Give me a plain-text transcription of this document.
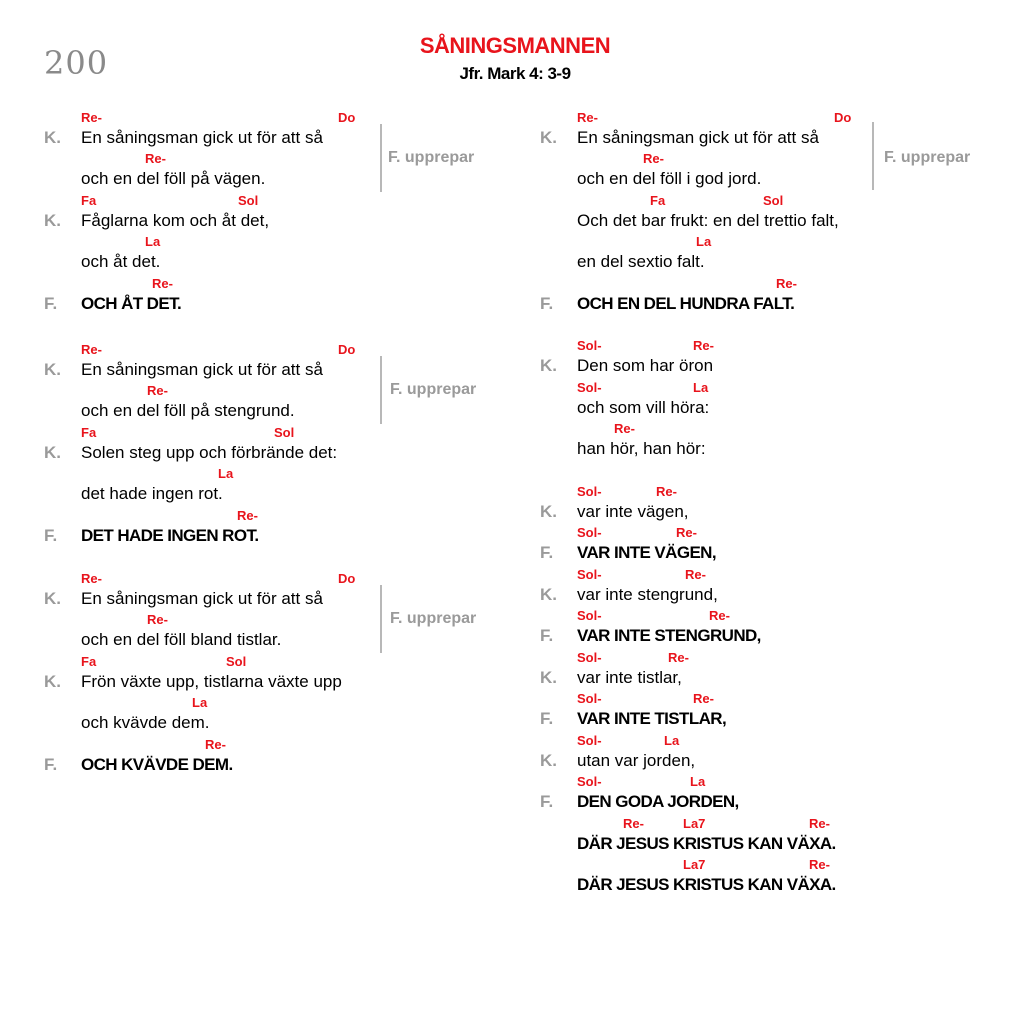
200	SÅNINGSMANNEN
Jfr. Mark 4: 3-9
Re-	Do
K. En såningsman gick ut för att så
Re-
och en del föll på vägen.
Fa	Sol
K. Fåglarna kom och åt det,
La
och åt det.
Re-
F. OCH ÅT DET.
F. upprepar
Re-	Do
K. En såningsman gick ut för att så
Re-
och en del föll på stengrund.
Fa	Sol
K. Solen steg upp och förbrände det:
La
det hade ingen rot.
Re-
F. DET HADE INGEN ROT.
F. upprepar
Re-	Do
K. En såningsman gick ut för att så
Re-
och en del föll bland tistlar.
Fa	Sol
K. Frön växte upp, tistlarna växte upp
La
och kvävde dem.
Re-
F. OCH KVÄVDE DEM.
F. upprepar
Re-	Do
K. En såningsman gick ut för att så
Re-
och en del föll i god jord.
Fa	Sol
Och det bar frukt: en del trettio falt,
La
en del sextio falt.
Re-
F. OCH EN DEL HUNDRA FALT.
F. upprepar
Sol-	Re-
K. Den som har öron
Sol-	La
och som vill höra:
Re-
han hör, han hör:
Sol-	Re-
K. var inte vägen,
Sol-	Re-
F. VAR INTE VÄGEN,
Sol-	Re-
K. var inte stengrund,
Sol-	Re-
F. VAR INTE STENGRUND,
Sol-	Re-
K. var inte tistlar,
Sol-	Re-
F. VAR INTE TISTLAR,
Sol-	La
K. utan var jorden,
Sol-	La
F. DEN GODA JORDEN,
Re-	La7	Re-
DÄR JESUS KRISTUS KAN VÄXA.
La7	Re-
DÄR JESUS KRISTUS KAN VÄXA.
